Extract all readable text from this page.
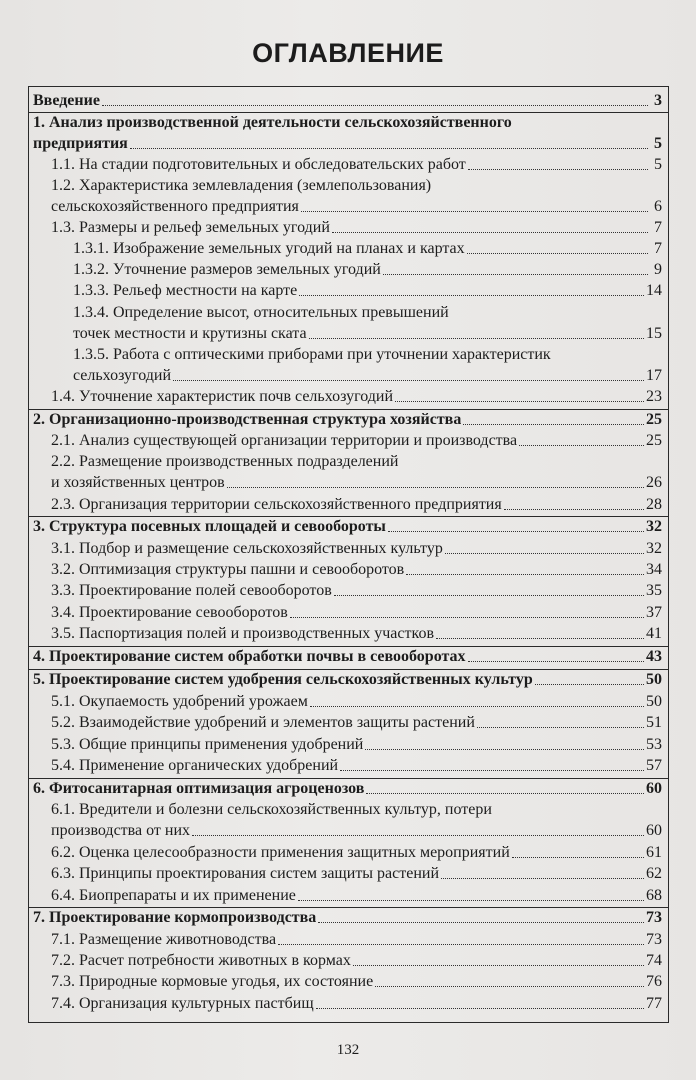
ОГЛАВЛЕНИЕ
Введение	3
1. Анализ производственной деятельности сельскохозяйственного
предприятия	5
1.1. На стадии подготовительных и обследовательских работ	5
1.2. Характеристика землевладения (землепользования)
сельскохозяйственного предприятия	6
1.3. Размеры и рельеф земельных угодий	7
1.3.1. Изображение земельных угодий на планах и картах	7
1.3.2. Уточнение размеров земельных угодий	9
1.3.3. Рельеф местности на карте	14
1.3.4. Определение высот, относительных превышений
точек местности и крутизны ската	15
1.3.5. Работа с оптическими приборами при уточнении характеристик
сельхозугодий	17
1.4. Уточнение характеристик почв сельхозугодий	23
2. Организационно-производственная структура хозяйства	25
2.1. Анализ существующей организации территории и производства	25
2.2. Размещение производственных подразделений
и хозяйственных центров	26
2.3. Организация территории сельскохозяйственного предприятия	28
3. Структура посевных площадей и севообороты	32
3.1. Подбор и размещение сельскохозяйственных культур	32
3.2. Оптимизация структуры пашни и севооборотов	34
3.3. Проектирование полей севооборотов	35
3.4. Проектирование севооборотов	37
3.5. Паспортизация полей и производственных участков	41
4. Проектирование систем обработки почвы в севооборотах	43
5. Проектирование систем удобрения сельскохозяйственных культур	50
5.1. Окупаемость удобрений урожаем	50
5.2. Взаимодействие удобрений и элементов защиты растений	51
5.3. Общие принципы применения удобрений	53
5.4. Применение органических удобрений	57
6. Фитосанитарная оптимизация агроценозов	60
6.1. Вредители и болезни сельскохозяйственных культур, потери
производства от них	60
6.2. Оценка целесообразности применения защитных мероприятий	61
6.3. Принципы проектирования систем защиты растений	62
6.4. Биопрепараты и их применение	68
7. Проектирование кормопроизводства	73
7.1. Размещение животноводства	73
7.2. Расчет потребности животных в кормах	74
7.3. Природные кормовые угодья, их состояние	76
7.4. Организация культурных пастбищ	77
132
